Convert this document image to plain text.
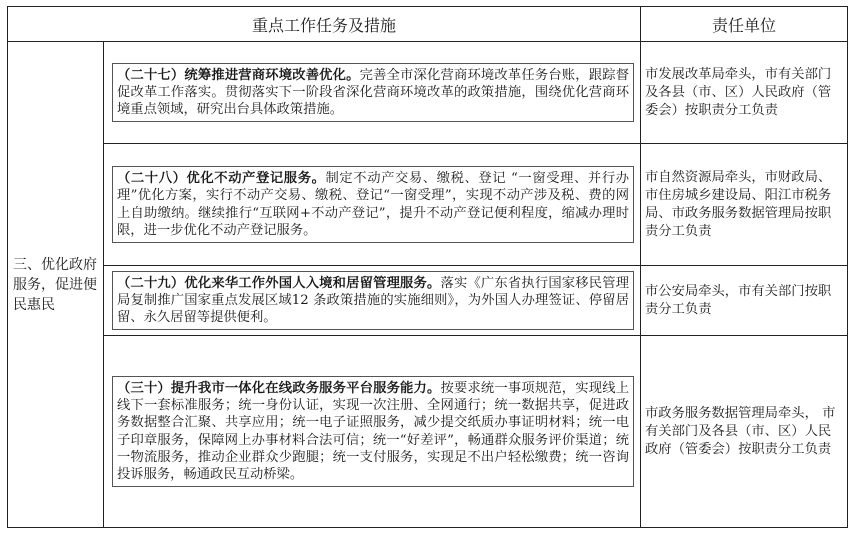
重点工作任务及措施		责任单位
三、优化政府服务，促进便民惠民	（二十七）统筹推进营商环境改善优化。完善全市深化营商环境改革任务台账，跟踪督促改革工作落实。贯彻落实下一阶段省深化营商环境改革的政策措施，围绕优化营商环境重点领域，研究出台具体政策措施。	市发展改革局牵头，市有关部门及各县（市、区）人民政府（管委会）按职责分工负责

	（二十八）优化不动产登记服务。制定不动产交易、缴税、登记 “一窗受理、并行办理”优化方案，实行不动产交易、缴税、登记“一窗受理”，实现不动产涉及税、费的网上自助缴纳。继续推行“互联网+不动产登记”，提升不动产登记便利程度，缩减办理时限，进一步优化不动产登记服务。	市自然资源局牵头，市财政局、市住房城乡建设局、阳江市税务局、市政务服务数据管理局按职责分工负责

	（二十九）优化来华工作外国人入境和居留管理服务。落实《广东省执行国家移民管理局复制推广国家重点发展区域12 条政策措施的实施细则》，为外国人办理签证、停留居留、永久居留等提供便利。	市公安局牵头，市有关部门按职责分工负责

	（三十）提升我市一体化在线政务服务平台服务能力。按要求统一事项规范，实现线上线下一套标准服务；统一身份认证，实现一次注册、全网通行；统一数据共享，促进政务数据整合汇聚、共享应用；统一电子证照服务，减少提交纸质办事证明材料；统一电子印章服务，保障网上办事材料合法可信；统一“好差评”，畅通群众服务评价渠道；统一物流服务，推动企业群众少跑腿；统一支付服务，实现足不出户轻松缴费；统一咨询投诉服务，畅通政民互动桥梁。	市政务服务数据管理局牵头， 市有关部门及各县（市、区）人民政府（管委会）按职责分工负责
